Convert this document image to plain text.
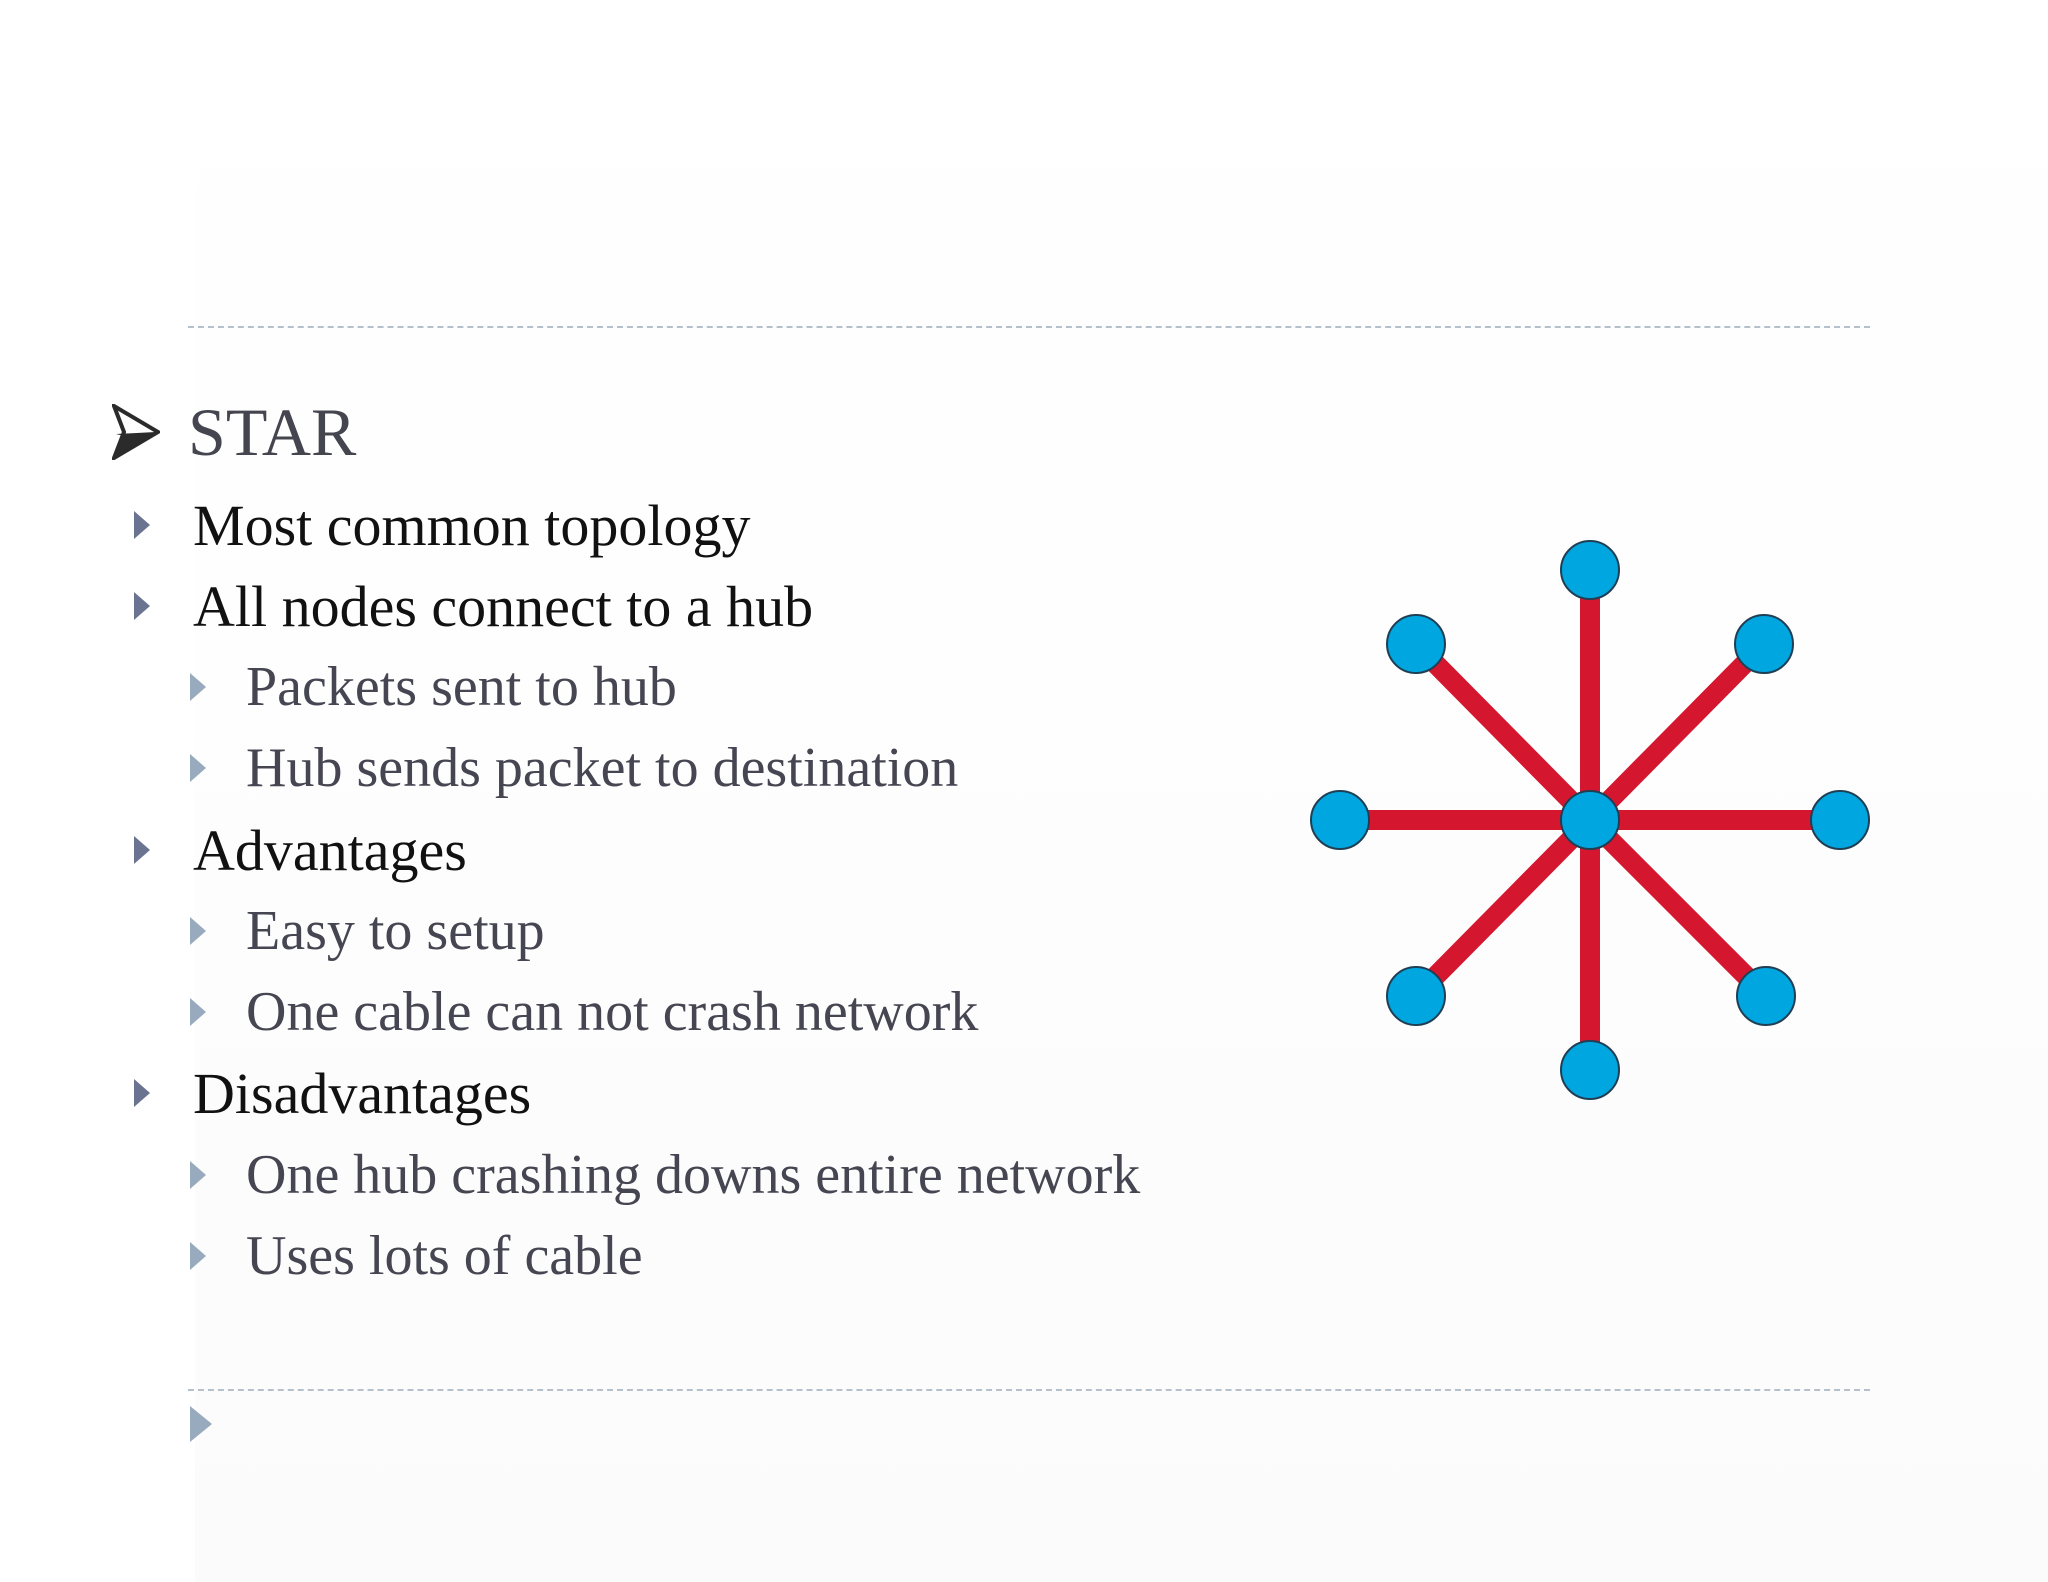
STAR
Most common topology
All nodes connect to a hub
Packets sent to hub
Hub sends packet to destination
Advantages
Easy to setup
One cable can not crash network
Disadvantages
One hub crashing downs entire network
Uses lots of cable
